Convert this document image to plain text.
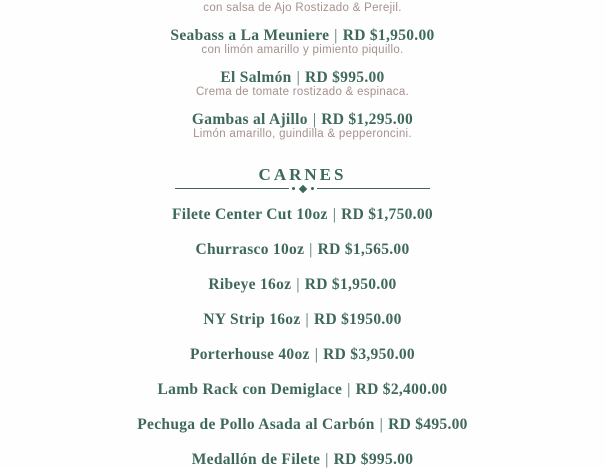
con salsa de Ajo Rostizado & Perejil.
Seabass a La Meuniere | RD $1,950.00
con limón amarillo y pimiento piquillo.
El Salmón | RD $995.00
Crema de tomate rostizado & espinaca.
Gambas al Ajillo | RD $1,295.00
Limón amarillo, guindilla & pepperoncini.
CARNES
Filete Center Cut 10oz | RD $1,750.00
Churrasco 10oz | RD $1,565.00
Ribeye 16oz | RD $1,950.00
NY Strip 16oz | RD $1950.00
Porterhouse 40oz | RD $3,950.00
Lamb Rack con Demiglace | RD $2,400.00
Pechuga de Pollo Asada al Carbón | RD $495.00
Medallón de Filete | RD $995.00
